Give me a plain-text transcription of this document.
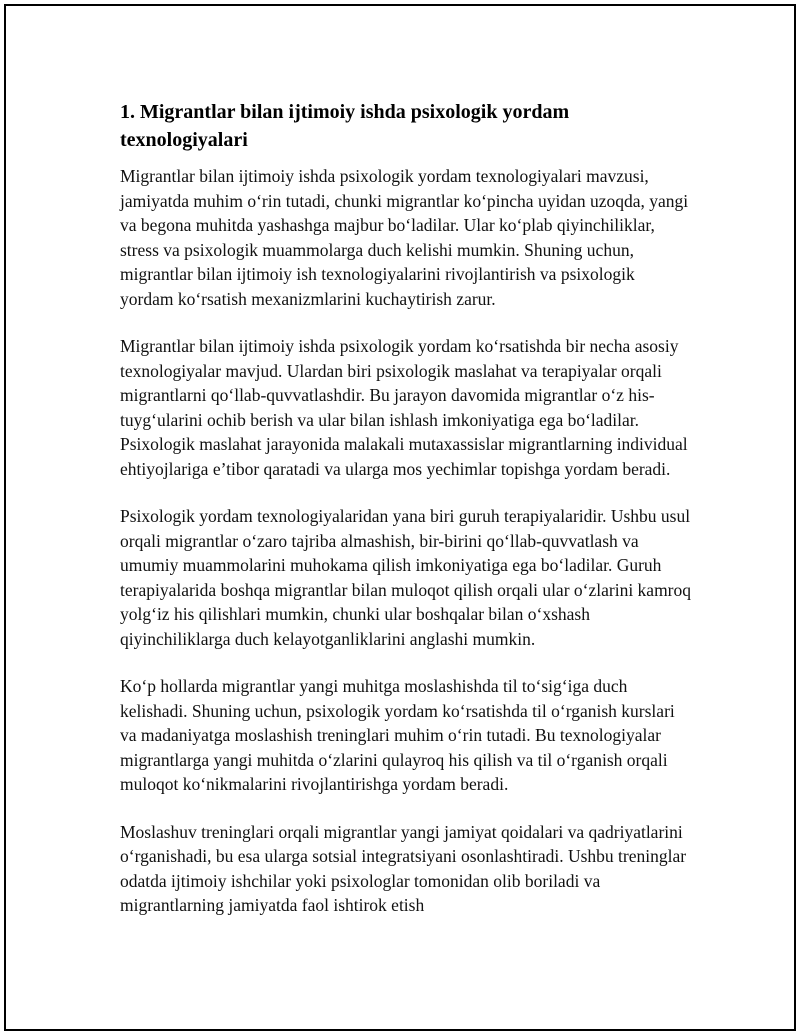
1. Migrantlar bilan ijtimoiy ishda psixologik yordam texnologiyalari

Migrantlar bilan ijtimoiy ishda psixologik yordam texnologiyalari mavzusi, jamiyatda muhim o‘rin tutadi, chunki migrantlar ko‘pincha uyidan uzoqda, yangi va begona muhitda yashashga majbur bo‘ladilar. Ular ko‘plab qiyinchiliklar, stress va psixologik muammolarga duch kelishi mumkin. Shuning uchun, migrantlar bilan ijtimoiy ish texnologiyalarini rivojlantirish va psixologik yordam ko‘rsatish mexanizmlarini kuchaytirish zarur.

Migrantlar bilan ijtimoiy ishda psixologik yordam ko‘rsatishda bir necha asosiy texnologiyalar mavjud. Ulardan biri psixologik maslahat va terapiyalar orqali migrantlarni qo‘llab-quvvatlashdir. Bu jarayon davomida migrantlar o‘z his-tuyg‘ularini ochib berish va ular bilan ishlash imkoniyatiga ega bo‘ladilar. Psixologik maslahat jarayonida malakali mutaxassislar migrantlarning individual ehtiyojlariga e’tibor qaratadi va ularga mos yechimlar topishga yordam beradi.

Psixologik yordam texnologiyalaridan yana biri guruh terapiyalaridir. Ushbu usul orqali migrantlar o‘zaro tajriba almashish, bir-birini qo‘llab-quvvatlash va umumiy muammolarini muhokama qilish imkoniyatiga ega bo‘ladilar. Guruh terapiyalarida boshqa migrantlar bilan muloqot qilish orqali ular o‘zlarini kamroq yolg‘iz his qilishlari mumkin, chunki ular boshqalar bilan o‘xshash qiyinchiliklarga duch kelayotganliklarini anglashi mumkin.

Ko‘p hollarda migrantlar yangi muhitga moslashishda til to‘sig‘iga duch kelishadi. Shuning uchun, psixologik yordam ko‘rsatishda til o‘rganish kurslari va madaniyatga moslashish treninglari muhim o‘rin tutadi. Bu texnologiyalar migrantlarga yangi muhitda o‘zlarini qulayroq his qilish va til o‘rganish orqali muloqot ko‘nikmalarini rivojlantirishga yordam beradi.

Moslashuv treninglari orqali migrantlar yangi jamiyat qoidalari va qadriyatlarini o‘rganishadi, bu esa ularga sotsial integratsiyani osonlashtiradi. Ushbu treninglar odatda ijtimoiy ishchilar yoki psixologlar tomonidan olib boriladi va migrantlarning jamiyatda faol ishtirok etish
